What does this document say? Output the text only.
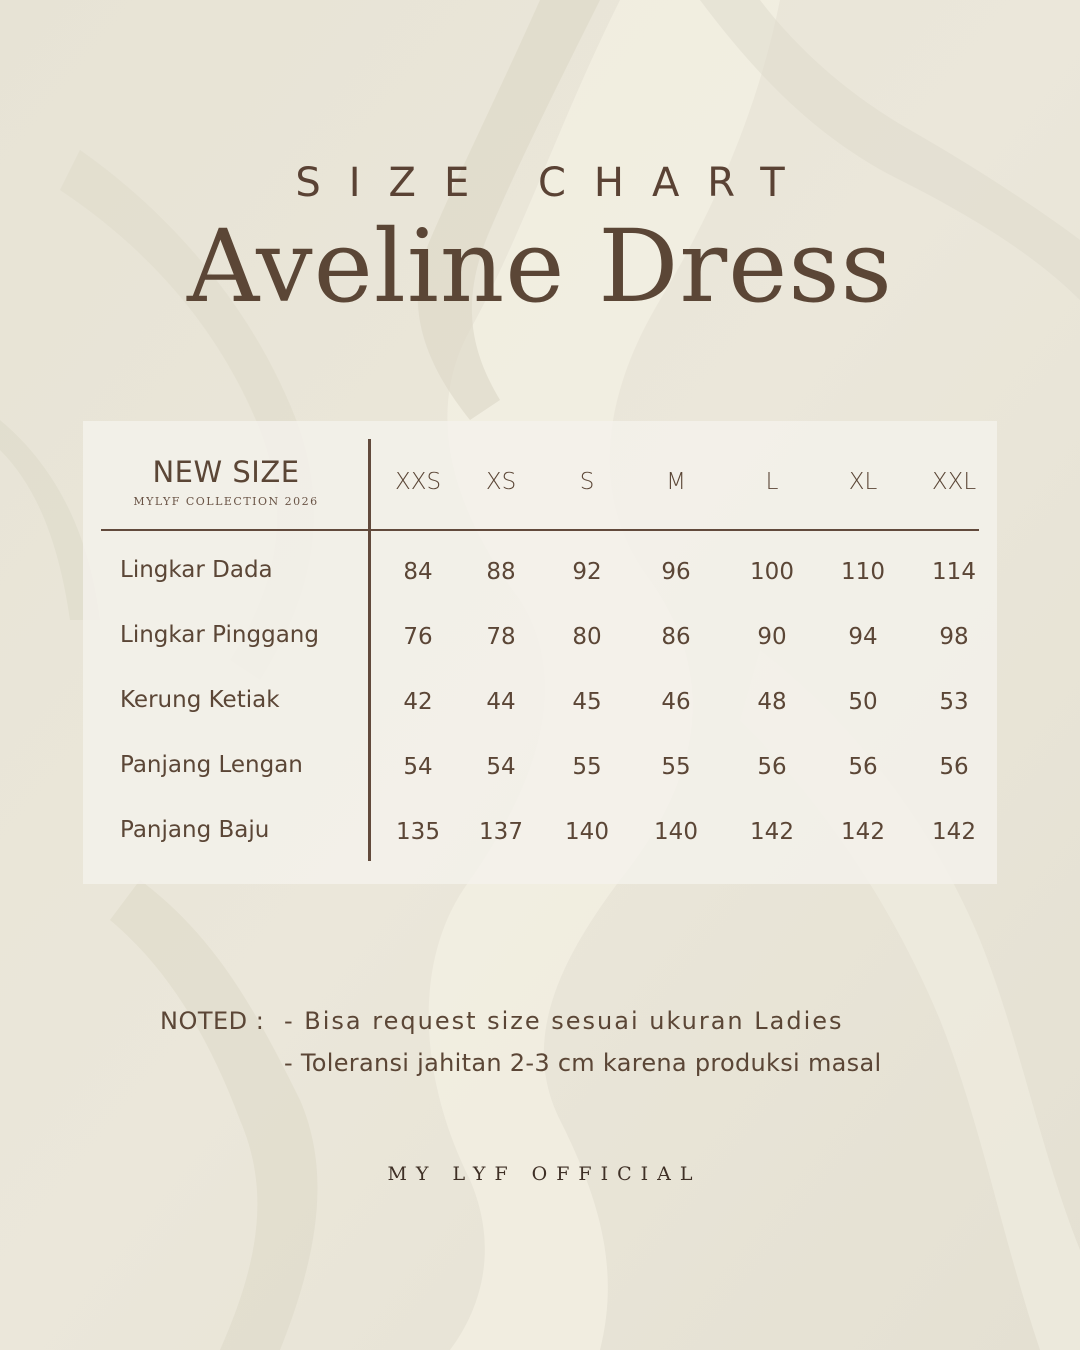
SIZE CHART
Aveline Dress
NEW SIZE
MYLYF COLLECTION 2026
XXS	XS	S	M	L	XL	XXL
Lingkar Dada	84	88	92	96	100	110	114
Lingkar Pinggang	76	78	80	86	90	94	98
Kerung Ketiak	42	44	45	46	48	50	53
Panjang Lengan	54	54	55	55	56	56	56
Panjang Baju	135	137	140	140	142	142	142
NOTED : - Bisa request size sesuai ukuran Ladies
- Toleransi jahitan 2-3 cm karena produksi masal
MY LYF OFFICIAL
